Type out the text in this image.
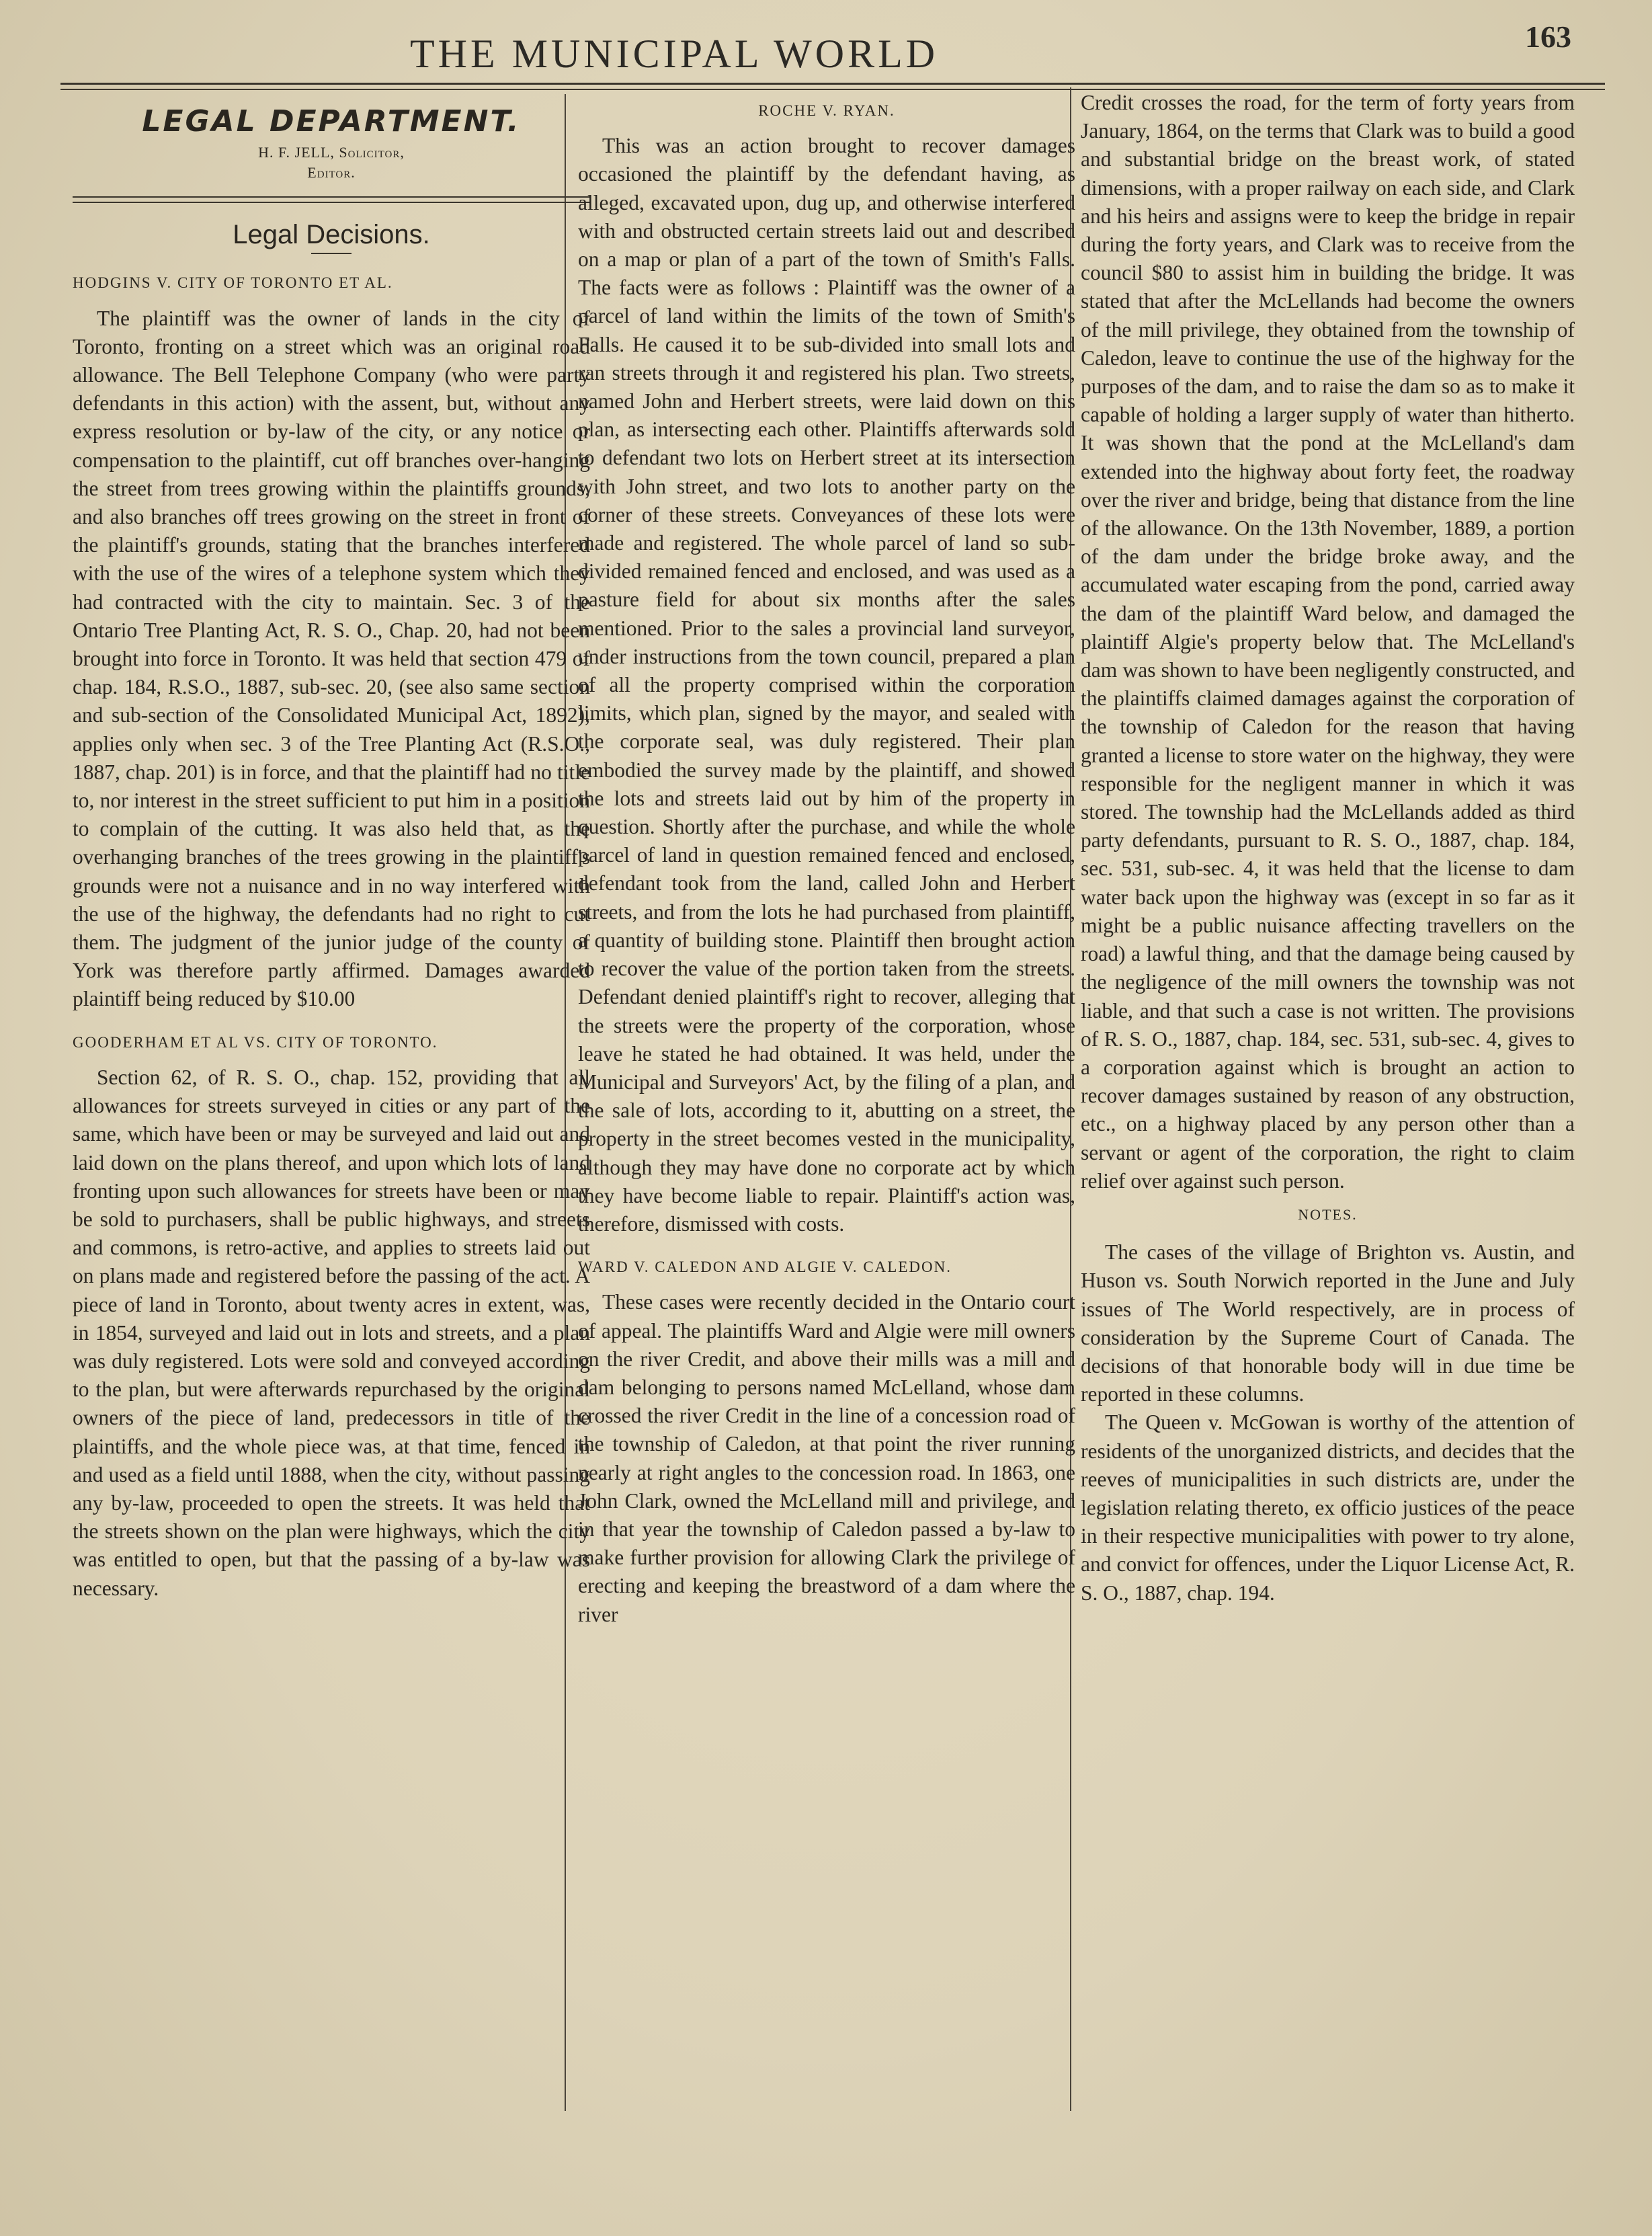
THE MUNICIPAL WORLD	163
LEGAL DEPARTMENT.
H. F. JELL, Solicitor,
Editor.
Legal Decisions.
HODGINS V. CITY OF TORONTO ET AL.

The plaintiff was the owner of lands in the city of Toronto, fronting on a street which was an original road allowance. The Bell Telephone Company (who were party defendants in this action) with the assent, but, without any express resolution or by-law of the city, or any notice or compensation to the plaintiff, cut off branches over-hanging the street from trees growing within the plaintiffs grounds, and also branches off trees growing on the street in front of the plaintiff's grounds, stating that the branches interfered with the use of the wires of a telephone system which they had contracted with the city to maintain. Sec. 3 of the Ontario Tree Planting Act, R. S. O., Chap. 20, had not been brought into force in Toronto. It was held that section 479 of chap. 184, R.S.O., 1887, sub-sec. 20, (see also same section and sub-section of the Consolidated Municipal Act, 1892), applies only when sec. 3 of the Tree Planting Act (R.S.O., 1887, chap. 201) is in force, and that the plaintiff had no title to, nor interest in the street sufficient to put him in a position to complain of the cutting. It was also held that, as the overhanging branches of the trees growing in the plaintiff's grounds were not a nuisance and in no way interfered with the use of the highway, the defendants had no right to cut them. The judgment of the junior judge of the county of York was therefore partly affirmed. Damages awarded plaintiff being reduced by $10.00

GOODERHAM ET AL VS. CITY OF TORONTO.

Section 62, of R. S. O., chap. 152, providing that all allowances for streets surveyed in cities or any part of the same, which have been or may be surveyed and laid out and laid down on the plans thereof, and upon which lots of land fronting upon such allowances for streets have been or may be sold to purchasers, shall be public highways, and streets and commons, is retro-active, and applies to streets laid out on plans made and registered before the passing of the act. A piece of land in Toronto, about twenty acres in extent, was, in 1854, surveyed and laid out in lots and streets, and a plan was duly registered. Lots were sold and conveyed according to the plan, but were afterwards repurchased by the original owners of the piece of land, predecessors in title of the plaintiffs, and the whole piece was, at that time, fenced in and used as a field until 1888, when the city, without passing any by-law, proceeded to open the streets. It was held that the streets shown on the plan were highways, which the city was entitled to open, but that the passing of a by-law was necessary.

ROCHE V. RYAN.

This was an action brought to recover damages occasioned the plaintiff by the defendant having, as alleged, excavated upon, dug up, and otherwise interfered with and obstructed certain streets laid out and described on a map or plan of a part of the town of Smith's Falls. The facts were as follows : Plaintiff was the owner of a parcel of land within the limits of the town of Smith's Falls. He caused it to be sub-divided into small lots and ran streets through it and registered his plan. Two streets, named John and Herbert streets, were laid down on this plan, as intersecting each other. Plaintiffs afterwards sold to defendant two lots on Herbert street at its intersection with John street, and two lots to another party on the corner of these streets. Conveyances of these lots were made and registered. The whole parcel of land so sub-divided remained fenced and enclosed, and was used as a pasture field for about six months after the sales mentioned. Prior to the sales a provincial land surveyor, under instructions from the town council, prepared a plan of all the property comprised within the corporation limits, which plan, signed by the mayor, and sealed with the corporate seal, was duly registered. Their plan embodied the survey made by the plaintiff, and showed the lots and streets laid out by him of the property in question. Shortly after the purchase, and while the whole parcel of land in question remained fenced and enclosed, defendant took from the land, called John and Herbert streets, and from the lots he had purchased from plaintiff, a quantity of building stone. Plaintiff then brought action to recover the value of the portion taken from the streets. Defendant denied plaintiff's right to recover, alleging that the streets were the property of the corporation, whose leave he stated he had obtained. It was held, under the Municipal and Surveyors' Act, by the filing of a plan, and the sale of lots, according to it, abutting on a street, the property in the street becomes vested in the municipality, although they may have done no corporate act by which they have become liable to repair. Plaintiff's action was, therefore, dismissed with costs.

WARD V. CALEDON AND ALGIE V. CALEDON.

These cases were recently decided in the Ontario court of appeal. The plaintiffs Ward and Algie were mill owners on the river Credit, and above their mills was a mill and dam belonging to persons named McLelland, whose dam crossed the river Credit in the line of a concession road of the township of Caledon, at that point the river running nearly at right angles to the concession road. In 1863, one John Clark, owned the McLelland mill and privilege, and in that year the township of Caledon passed a by-law to make further provision for allowing Clark the privilege of erecting and keeping the breastword of a dam where the river

Credit crosses the road, for the term of forty years from January, 1864, on the terms that Clark was to build a good and substantial bridge on the breast work, of stated dimensions, with a proper railway on each side, and Clark and his heirs and assigns were to keep the bridge in repair during the forty years, and Clark was to receive from the council $80 to assist him in building the bridge. It was stated that after the McLellands had become the owners of the mill privilege, they obtained from the township of Caledon, leave to continue the use of the highway for the purposes of the dam, and to raise the dam so as to make it capable of holding a larger supply of water than hitherto. It was shown that the pond at the McLelland's dam extended into the highway about forty feet, the roadway over the river and bridge, being that distance from the line of the allowance. On the 13th November, 1889, a portion of the dam under the bridge broke away, and the accumulated water escaping from the pond, carried away the dam of the plaintiff Ward below, and damaged the plaintiff Algie's property below that. The McLelland's dam was shown to have been negligently constructed, and the plaintiffs claimed damages against the corporation of the township of Caledon for the reason that having granted a license to store water on the highway, they were responsible for the negligent manner in which it was stored. The township had the McLellands added as third party defendants, pursuant to R. S. O., 1887, chap. 184, sec. 531, sub-sec. 4, it was held that the license to dam water back upon the highway was (except in so far as it might be a public nuisance affecting travellers on the road) a lawful thing, and that the damage being caused by the negligence of the mill owners the township was not liable, and that such a case is not written. The provisions of R. S. O., 1887, chap. 184, sec. 531, sub-sec. 4, gives to a corporation against which is brought an action to recover damages sustained by reason of any obstruction, etc., on a highway placed by any person other than a servant or agent of the corporation, the right to claim relief over against such person.

NOTES.

The cases of the village of Brighton vs. Austin, and Huson vs. South Norwich reported in the June and July issues of The World respectively, are in process of consideration by the Supreme Court of Canada. The decisions of that honorable body will in due time be reported in these columns.

The Queen v. McGowan is worthy of the attention of residents of the unorganized districts, and decides that the reeves of municipalities in such districts are, under the legislation relating thereto, ex officio justices of the peace in their respective municipalities with power to try alone, and convict for offences, under the Liquor License Act, R. S. O., 1887, chap. 194.
